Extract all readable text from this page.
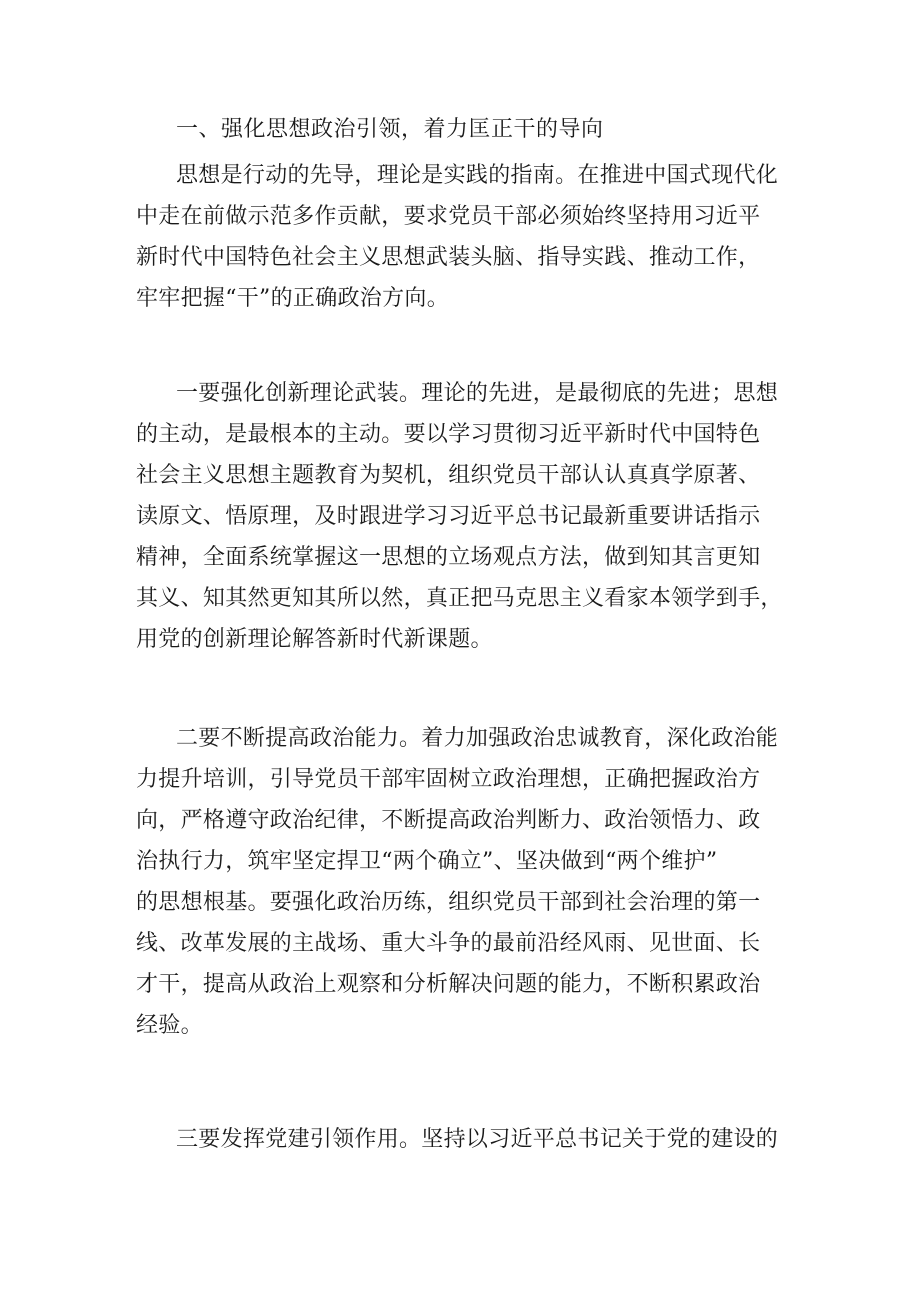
一、强化思想政治引领，着力匡正干的导向
思想是行动的先导，理论是实践的指南。在推进中国式现代化
中走在前做示范多作贡献，要求党员干部必须始终坚持用习近平
新时代中国特色社会主义思想武装头脑、指导实践、推动工作，
牢牢把握“干”的正确政治方向。
一要强化创新理论武装。理论的先进，是最彻底的先进；思想
的主动，是最根本的主动。要以学习贯彻习近平新时代中国特色
社会主义思想主题教育为契机，组织党员干部认认真真学原著、
读原文、悟原理，及时跟进学习习近平总书记最新重要讲话指示
精神，全面系统掌握这一思想的立场观点方法，做到知其言更知
其义、知其然更知其所以然，真正把马克思主义看家本领学到手，
用党的创新理论解答新时代新课题。
二要不断提高政治能力。着力加强政治忠诚教育，深化政治能
力提升培训，引导党员干部牢固树立政治理想，正确把握政治方
向，严格遵守政治纪律，不断提高政治判断力、政治领悟力、政
治执行力，筑牢坚定捍卫“两个确立”、坚决做到“两个维护”
的思想根基。要强化政治历练，组织党员干部到社会治理的第一
线、改革发展的主战场、重大斗争的最前沿经风雨、见世面、长
才干，提高从政治上观察和分析解决问题的能力，不断积累政治
经验。
三要发挥党建引领作用。坚持以习近平总书记关于党的建设的
